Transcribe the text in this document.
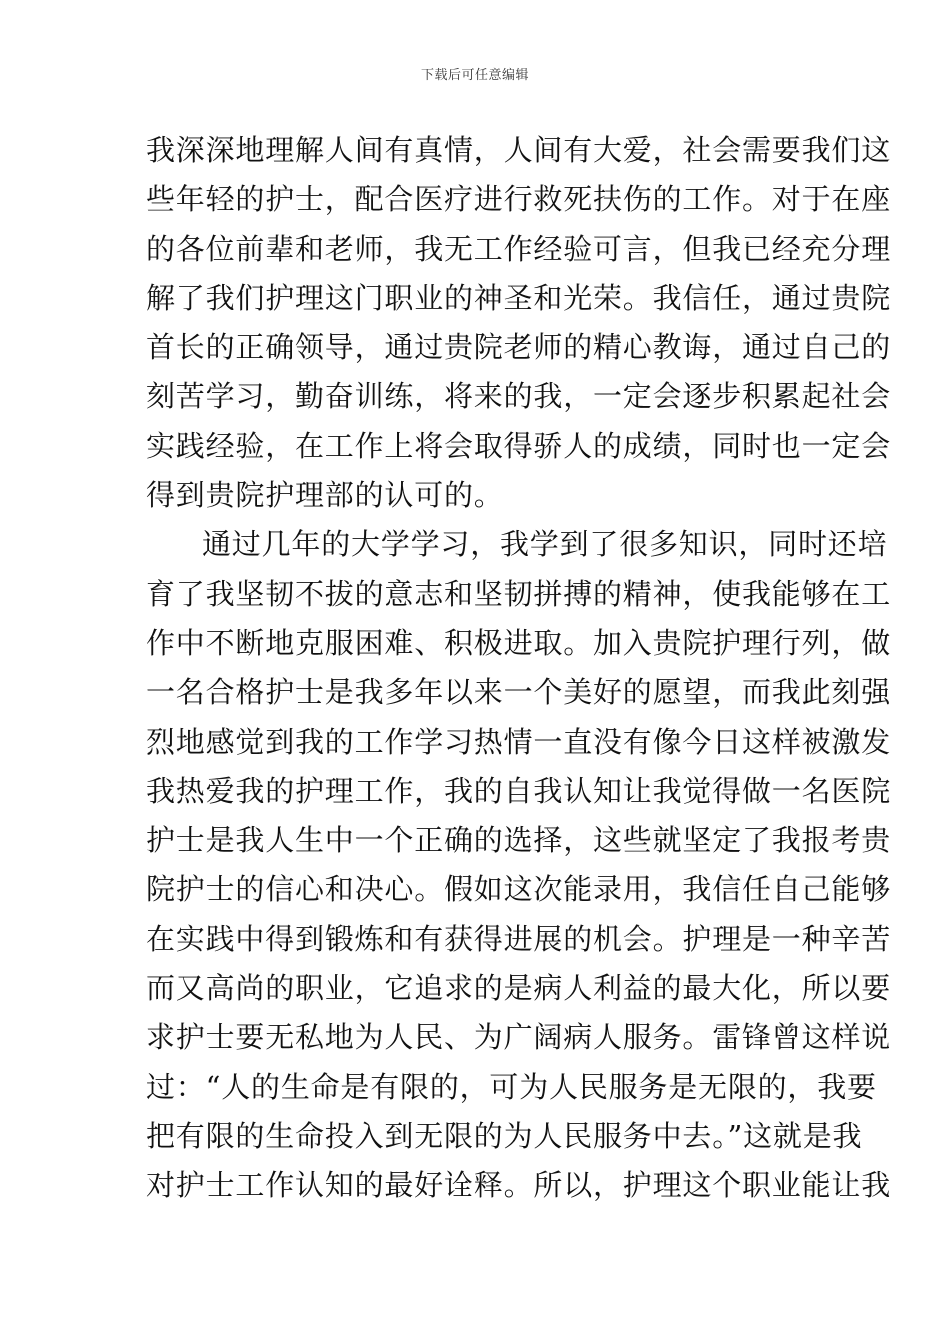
下载后可任意编辑
我深深地理解人间有真情，人间有大爱，社会需要我们这
些年轻的护士，配合医疗进行救死扶伤的工作。对于在座
的各位前辈和老师，我无工作经验可言，但我已经充分理
解了我们护理这门职业的神圣和光荣。我信任，通过贵院
首长的正确领导，通过贵院老师的精心教诲，通过自己的
刻苦学习，勤奋训练，将来的我，一定会逐步积累起社会
实践经验，在工作上将会取得骄人的成绩，同时也一定会
得到贵院护理部的认可的。
通过几年的大学学习，我学到了很多知识，同时还培
育了我坚韧不拔的意志和坚韧拼搏的精神，使我能够在工
作中不断地克服困难、积极进取。加入贵院护理行列，做
一名合格护士是我多年以来一个美好的愿望，而我此刻强
烈地感觉到我的工作学习热情一直没有像今日这样被激发
我热爱我的护理工作，我的自我认知让我觉得做一名医院
护士是我人生中一个正确的选择，这些就坚定了我报考贵
院护士的信心和决心。假如这次能录用，我信任自己能够
在实践中得到锻炼和有获得进展的机会。护理是一种辛苦
而又高尚的职业，它追求的是病人利益的最大化，所以要
求护士要无私地为人民、为广阔病人服务。雷锋曾这样说
过：“人的生命是有限的，可为人民服务是无限的，我要
把有限的生命投入到无限的为人民服务中去。”这就是我
对护士工作认知的最好诠释。所以，护理这个职业能让我
